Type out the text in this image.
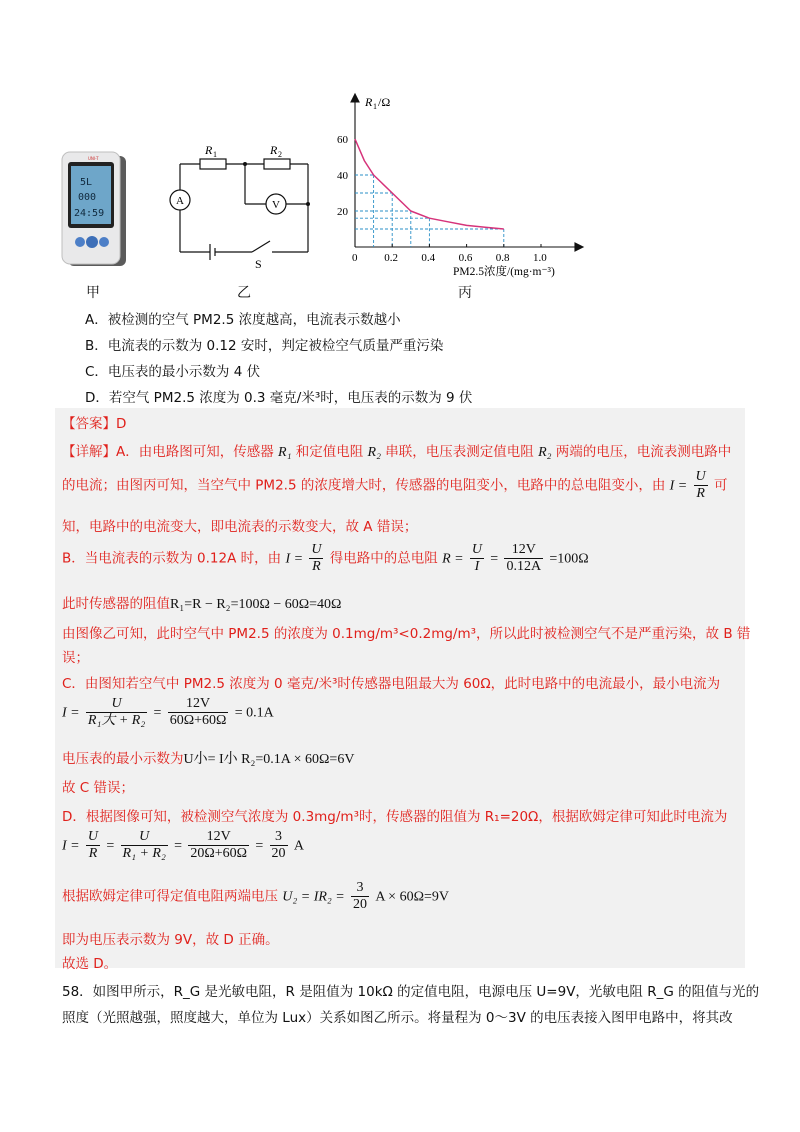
5L
000
24:59
UNI-T
甲
R 1	R 2
A	V
S
乙
0 0.2 0.4 0.6 0.8 1.0
60
40
20
R 1 /Ω
PM2.5浓度/(mg·m⁻³)
丙
A．被检测的空气 PM2.5 浓度越高，电流表示数越小
B．电流表的示数为 0.12 安时，判定被检空气质量严重污染
C．电压表的最小示数为 4 伏
D．若空气 PM2.5 浓度为 0.3 毫克/米³时，电压表的示数为 9 伏
【答案】D
【详解】A．由电路图可知，传感器 R₁ 和定值电阻 R₂ 串联，电压表测定值电阻 R₂ 两端的电压，电流表测电路中
的电流；由图丙可知，当空气中 PM2.5 的浓度增大时，传感器的电阻变小，电路中的总电阻变小，由 $I = \frac{U}{R}$ 可
知，电路中的电流变大，即电流表的示数变大，故 A 错误；
B．当电流表的示数为 0.12A 时，由 $I = \frac{U}{R}$ 得电路中的总电阻 $R = \frac{U}{I} = \frac{12V}{0.12A} =100\Omega$
此时传感器的阻值R₁=R − R₂=100Ω − 60Ω=40Ω
由图像乙可知，此时空气中 PM2.5 的浓度为 0.1mg/m³<0.2mg/m³，所以此时被检测空气不是严重污染，故 B 错
误；
C．由图知若空气中 PM2.5 浓度为 0 毫克/米³时传感器电阻最大为 60Ω，此时电路中的电流最小，最小电流为
$I = \frac{U}{\text{R₁大 + R₂}} = \frac{12V}{60\Omega+60\Omega} = 0.1A$
电压表的最小示数为U小= I小 R₂=0.1A × 60Ω=6V
故 C 错误；
D．根据图像可知，被检测空气浓度为 0.3mg/m³时，传感器的阻值为 R₁=20Ω，根据欧姆定律可知此时电流为
$I = \frac{U}{R} = \frac{U}{\text{R₁ + R₂}} = \frac{12V}{20\Omega+60\Omega} = \frac{3}{20}$ A
根据欧姆定律可得定值电阻两端电压 $U_2 = IR_2 = \frac{3}{20}$ A × 60Ω=9V
即为电压表示数为 9V，故 D 正确。
故选 D。
58．如图甲所示，R_G 是光敏电阻，R 是阻值为 10kΩ 的定值电阻，电源电压 U=9V，光敏电阻 R_G 的阻值与光的
照度（光照越强，照度越大，单位为 Lux）关系如图乙所示。将量程为 0～3V 的电压表接入图甲电路中，将其改
